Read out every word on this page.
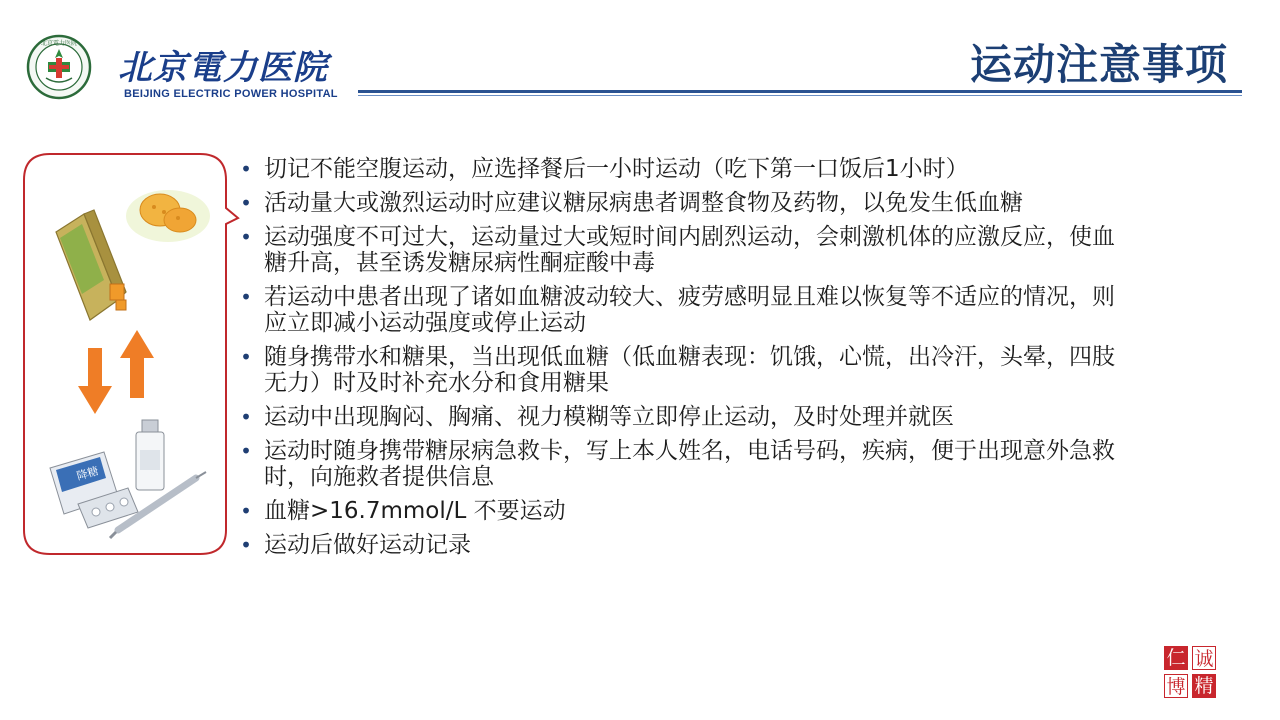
北京電力医院
北京電力医院
BEIJING ELECTRIC POWER HOSPITAL
运动注意事项
降糖
• 切记不能空腹运动，应选择餐后一小时运动（吃下第一口饭后1小时）
• 活动量大或激烈运动时应建议糖尿病患者调整食物及药物，以免发生低血糖
• 运动强度不可过大，运动量过大或短时间内剧烈运动，会刺激机体的应激反应，使血糖升高，甚至诱发糖尿病性酮症酸中毒
• 若运动中患者出现了诸如血糖波动较大、疲劳感明显且难以恢复等不适应的情况，则应立即减小运动强度或停止运动
• 随身携带水和糖果，当出现低血糖（低血糖表现：饥饿，心慌，出冷汗，头晕，四肢无力）时及时补充水分和食用糖果
• 运动中出现胸闷、胸痛、视力模糊等立即停止运动，及时处理并就医
• 运动时随身携带糖尿病急救卡，写上本人姓名，电话号码，疾病，便于出现意外急救时，向施救者提供信息
• 血糖>16.7mmol/L 不要运动
• 运动后做好运动记录
仁 诚
博 精
